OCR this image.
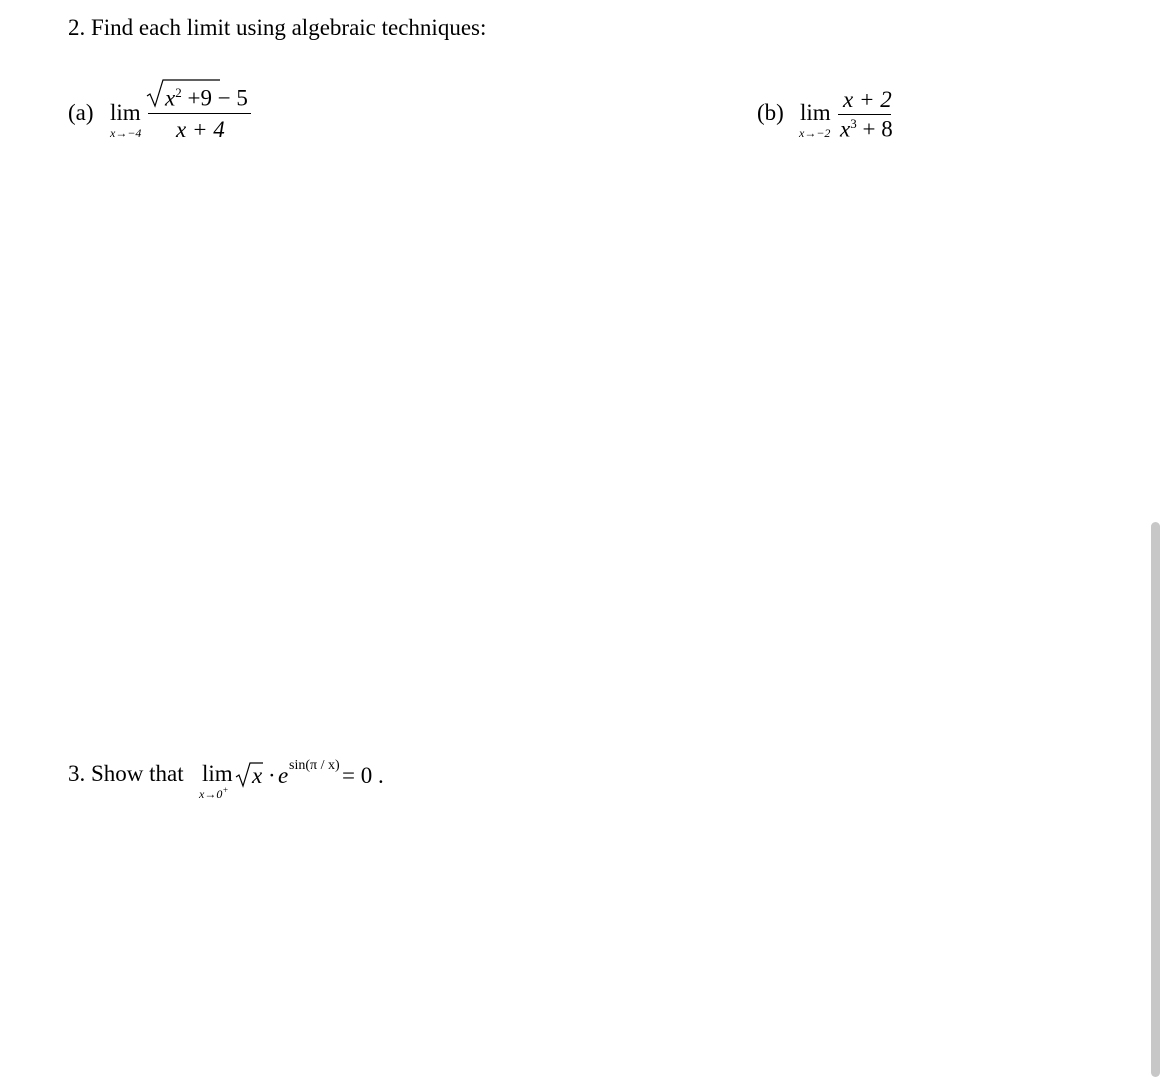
2. Find each limit using algebraic techniques:
(a) lim
x→−4
$x^2 +9 - 5$
x + 4
(b) lim
x→−2
x + 2
$x^3 + 8$
3. Show that lim
x→0+
x · e sin(π / x) = 0 .
